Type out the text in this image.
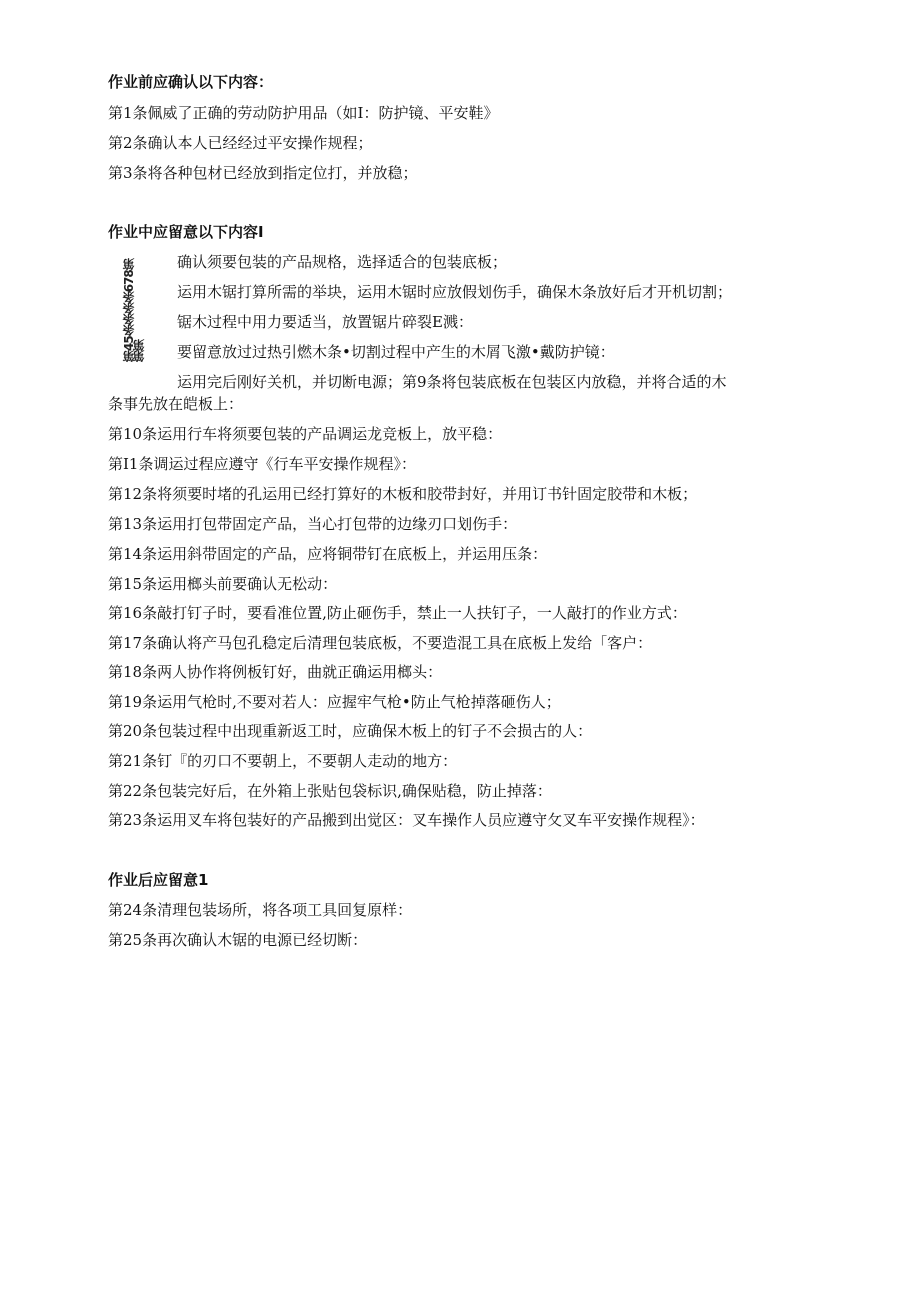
作业前应确认以下内容：
第1条佩威了正确的劳动防护用品（如I：防护镜、平安鞋》
第2条确认本人已经经过平安操作规程；
第3条将各种包材已经放到指定位打，并放稳；
作业中应留意以下内容I
第45条条条条678第第第
确认须要包装的产品规格，选择适合的包装底板；
运用木锯打算所需的举块，运用木锯时应放假划伤手，确保木条放好后才开机切割；
锯木过程中用力要适当，放置锯片碎裂E溅：
要留意放过过热引燃木条•切割过程中产生的木屑飞激•戴防护镜：
运用完后刚好关机，并切断电源；第9条将包装底板在包装区内放稳，并将合适的木
条事先放在皑板上：
第10条运用行车将须要包装的产品调运龙竞板上，放平稳：
第I1条调运过程应遵守《行车平安操作规程》：
第12条将须要时堵的孔运用已经打算好的木板和胶带封好，并用订书针固定胶带和木板；
第13条运用打包带固定产品，当心打包带的边缘刃口划伤手：
第14条运用斜带固定的产品，应将铜带钉在底板上，并运用压条：
第15条运用榔头前要确认无松动：
第16条敲打钉子时，要看准位置,防止砸伤手，禁止一人扶钉子，一人敲打的作业方式：
第17条确认将产马包孔稳定后清理包装底板，不要造混工具在底板上发给「客户：
第18条两人协作将例板钉好，曲就正确运用榔头：
第19条运用气枪时,不要对若人：应握牢气枪•防止气枪掉落砸伤人；
第20条包装过程中出现重新返工时，应确保木板上的钉子不会损古的人：
第21条钉『的刃口不要朝上，不要朝人走动的地方：
第22条包装完好后，在外箱上张贴包袋标识,确保贴稳，防止掉落：
第23条运用叉车将包装好的产品搬到出觉区：叉车操作人员应遵守攵叉车平安操作规程》：
作业后应留意1
第24条清理包装场所，将各项工具回复原样：
第25条再次确认木锯的电源已经切断：
